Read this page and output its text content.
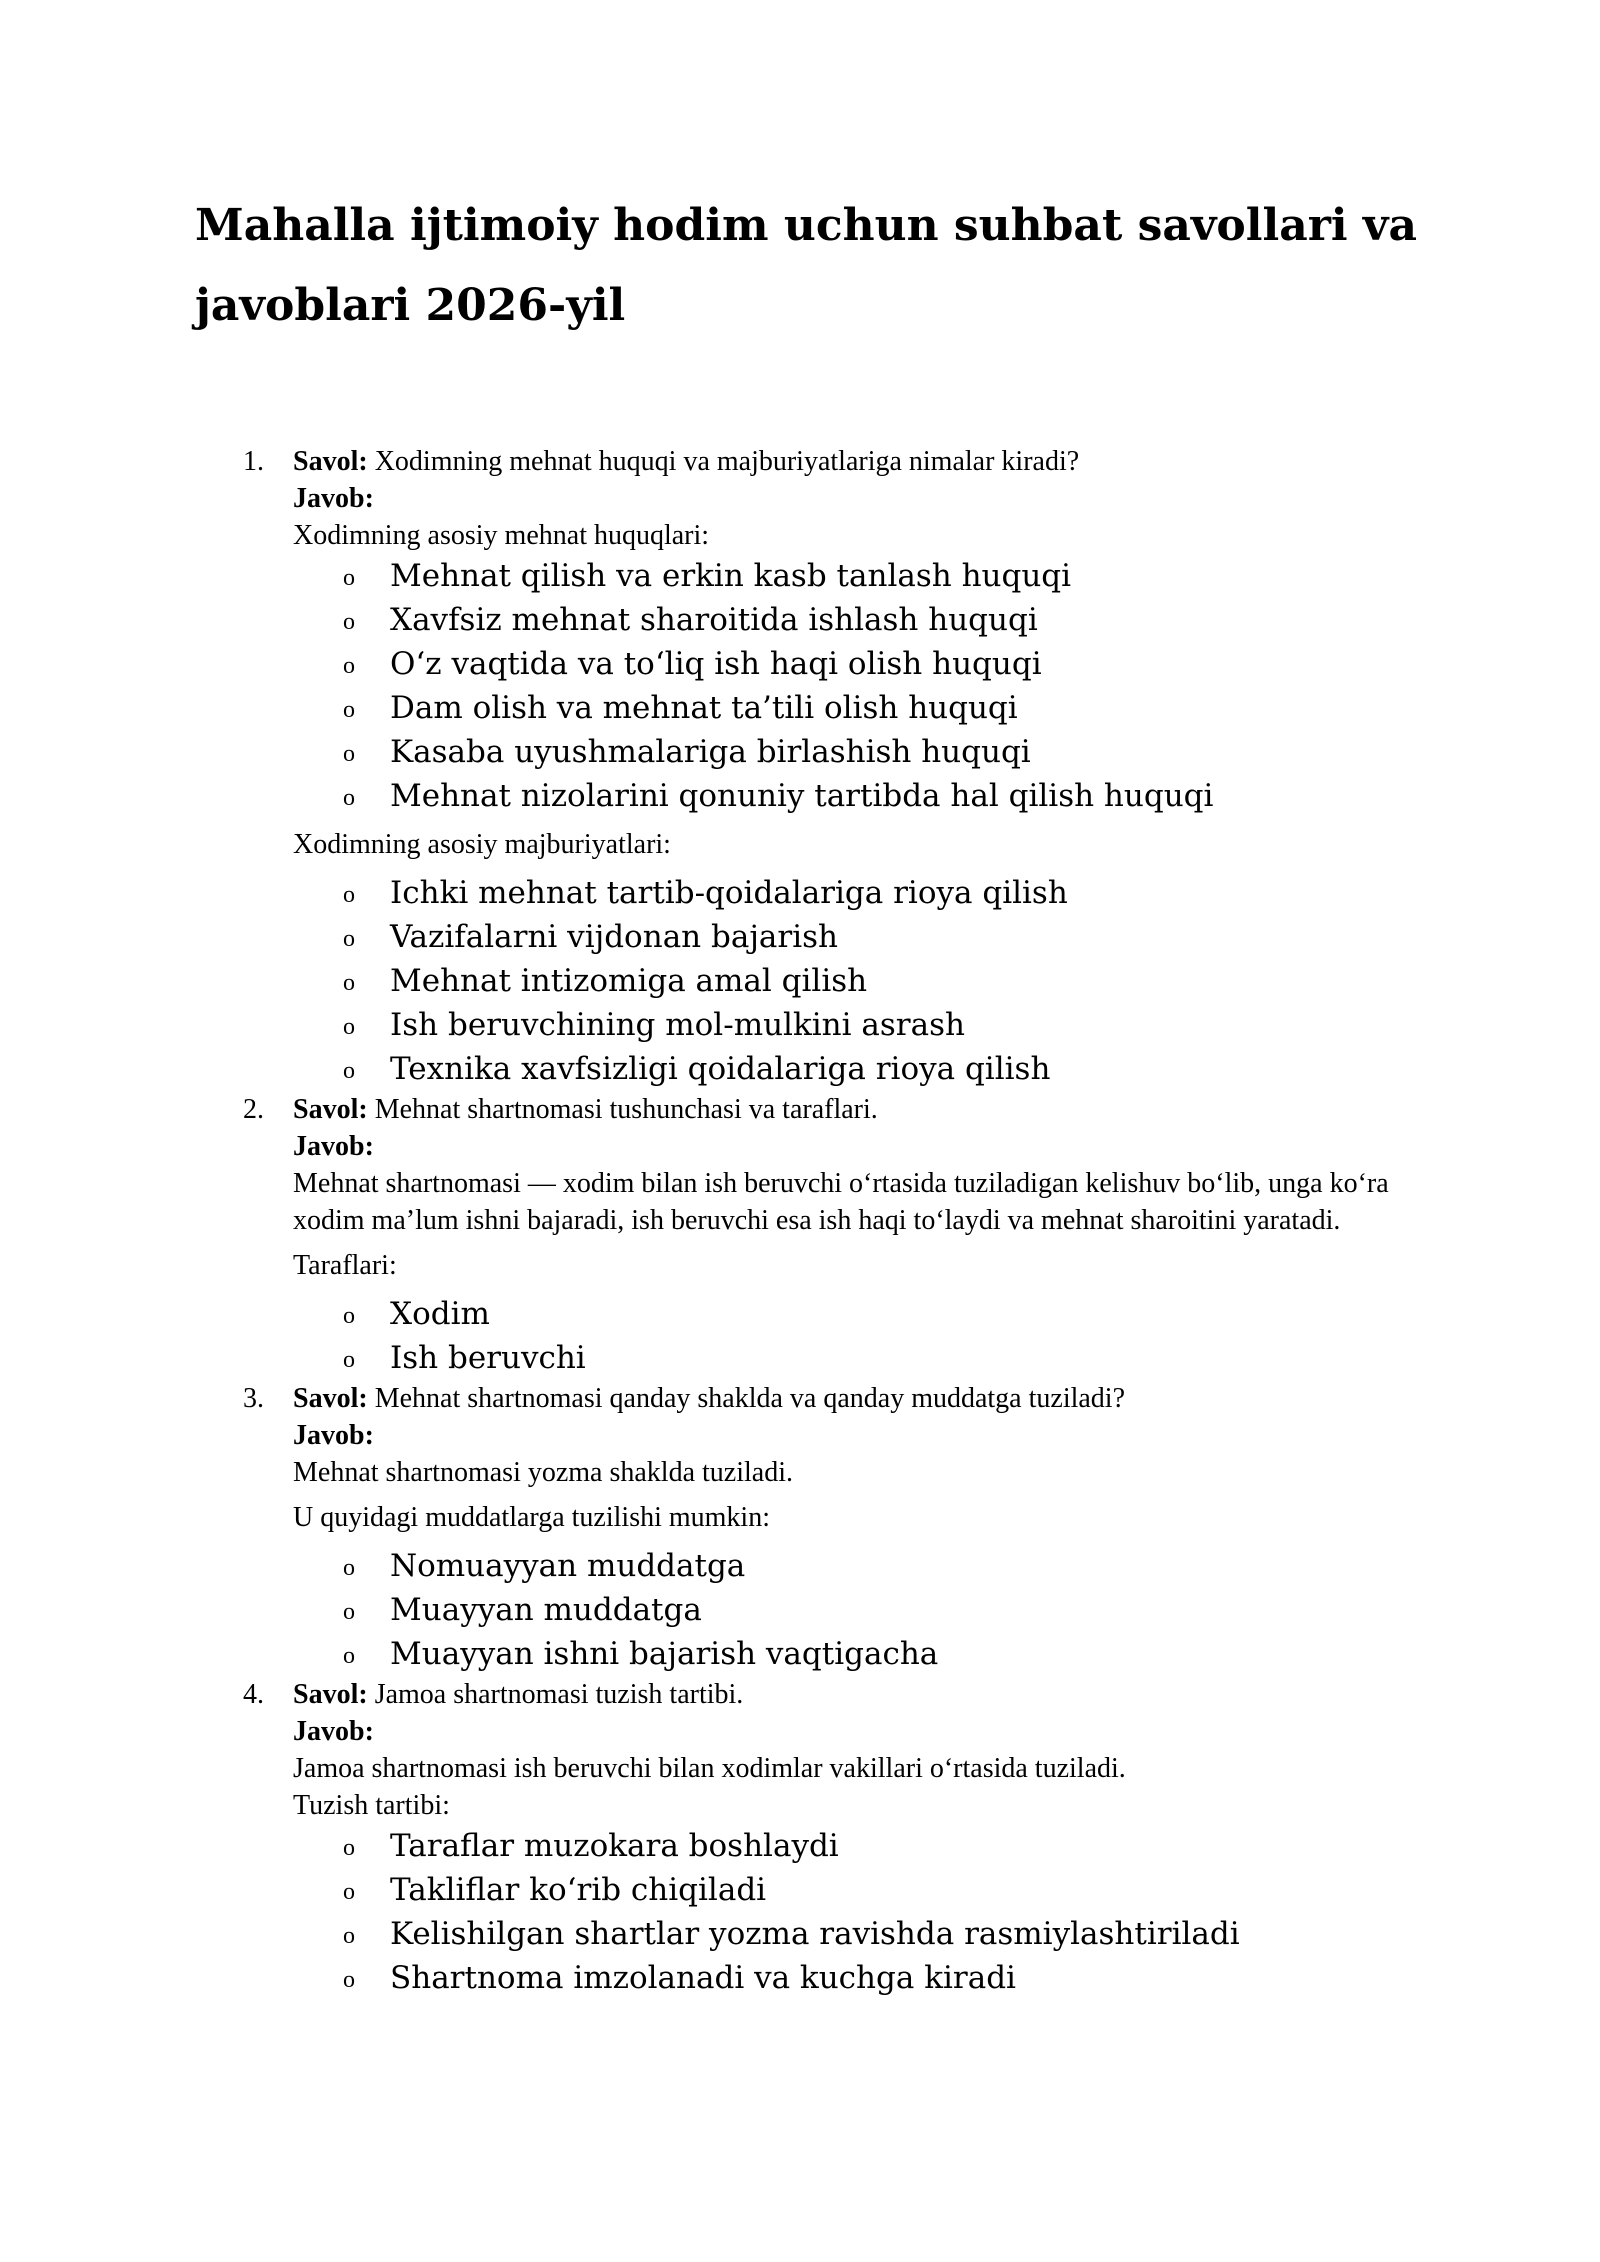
Mahalla ijtimoiy hodim uchun suhbat savollari va javoblari 2026-yil
1. Savol: Xodimning mehnat huquqi va majburiyatlariga nimalar kiradi?

Javob:

Xodimning asosiy mehnat huquqlari:

o Mehnat qilish va erkin kasb tanlash huquqi
o Xavfsiz mehnat sharoitida ishlash huquqi
o O‘z vaqtida va to‘liq ish haqi olish huquqi
o Dam olish va mehnat ta’tili olish huquqi
o Kasaba uyushmalariga birlashish huquqi
o Mehnat nizolarini qonuniy tartibda hal qilish huquqi

Xodimning asosiy majburiyatlari:

o Ichki mehnat tartib-qoidalariga rioya qilish
o Vazifalarni vijdonan bajarish
o Mehnat intizomiga amal qilish
o Ish beruvchining mol-mulkini asrash
o Texnika xavfsizligi qoidalariga rioya qilish
2. Savol: Mehnat shartnomasi tushunchasi va taraflari.

Javob:

Mehnat shartnomasi — xodim bilan ish beruvchi o‘rtasida tuziladigan kelishuv bo‘lib, unga ko‘ra xodim ma’lum ishni bajaradi, ish beruvchi esa ish haqi to‘laydi va mehnat sharoitini yaratadi.

Taraflari:

o Xodim
o Ish beruvchi
3. Savol: Mehnat shartnomasi qanday shaklda va qanday muddatga tuziladi?

Javob:

Mehnat shartnomasi yozma shaklda tuziladi.

U quyidagi muddatlarga tuzilishi mumkin:

o Nomuayyan muddatga
o Muayyan muddatga
o Muayyan ishni bajarish vaqtigacha
4. Savol: Jamoa shartnomasi tuzish tartibi.

Javob:

Jamoa shartnomasi ish beruvchi bilan xodimlar vakillari o‘rtasida tuziladi.

Tuzish tartibi:

o Taraflar muzokara boshlaydi
o Takliflar ko‘rib chiqiladi
o Kelishilgan shartlar yozma ravishda rasmiylashtiriladi
o Shartnoma imzolanadi va kuchga kiradi
